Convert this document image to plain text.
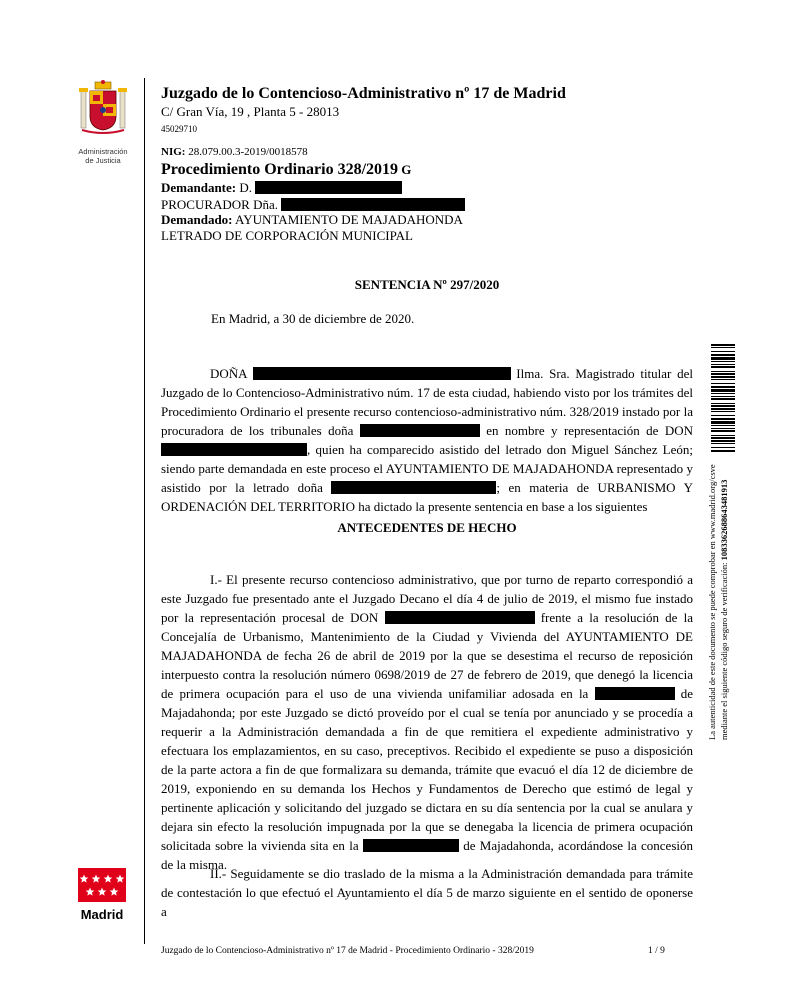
Administración
de Justicia
Juzgado de lo Contencioso-Administrativo nº 17 de Madrid
C/ Gran Vía, 19 , Planta 5 - 28013
45029710
NIG: 28.079.00.3-2019/0018578
Procedimiento Ordinario 328/2019 G
Demandante: D.
PROCURADOR Dña.
Demandado: AYUNTAMIENTO DE MAJADAHONDA
LETRADO DE CORPORACIÓN MUNICIPAL
SENTENCIA Nº 297/2020
En Madrid, a 30 de diciembre de 2020.

DOÑA	Ilma. Sra. Magistrado titular del Juzgado de lo Contencioso-Administrativo núm. 17 de esta ciudad, habiendo visto por los trámites del Procedimiento Ordinario el presente recurso contencioso-administrativo núm. 328/2019 instado por la procuradora de los tribunales doña	en nombre y representación de DON , quien ha comparecido asistido del letrado don Miguel Sánchez León; siendo parte demandada en este proceso el AYUNTAMIENTO DE MAJADAHONDA representado y asistido por la letrado doña	; en materia de URBANISMO Y ORDENACIÓN DEL TERRITORIO ha dictado la presente sentencia en base a los siguientes

ANTECEDENTES DE HECHO

I.- El presente recurso contencioso administrativo, que por turno de reparto correspondió a este Juzgado fue presentado ante el Juzgado Decano el día 4 de julio de 2019, el mismo fue instado por la representación procesal de DON	frente a la resolución de la Concejalía de Urbanismo, Mantenimiento de la Ciudad y Vivienda del AYUNTAMIENTO DE MAJADAHONDA de fecha 26 de abril de 2019 por la que se desestima el recurso de reposición interpuesto contra la resolución número 0698/2019 de 27 de febrero de 2019, que denegó la licencia de primera ocupación para el uso de una vivienda unifamiliar adosada en la	de Majadahonda; por este Juzgado se dictó proveído por el cual se tenía por anunciado y se procedía a requerir a la Administración demandada a fin de que remitiera el expediente administrativo y efectuara los emplazamientos, en su caso, preceptivos. Recibido el expediente se puso a disposición de la parte actora a fin de que formalizara su demanda, trámite que evacuó el día 12 de diciembre de 2019, exponiendo en su demanda los Hechos y Fundamentos de Derecho que estimó de legal y pertinente aplicación y solicitando del juzgado se dictara en su día sentencia por la cual se anulara y dejara sin efecto la resolución impugnada por la que se denegaba la licencia de primera ocupación solicitada sobre la vivienda sita en la	de Majadahonda, acordándose la concesión de la misma.

II.- Seguidamente se dio traslado de la misma a la Administración demandada para trámite de contestación lo que efectuó el Ayuntamiento el día 5 de marzo siguiente en el sentido de oponerse a

La autenticidad de este documento se puede comprobar en www.madrid.org/csve mediante el siguiente código seguro de verificación: 1083362688643481913
Madrid
Juzgado de lo Contencioso-Administrativo nº 17 de Madrid - Procedimiento Ordinario - 328/2019	1 / 9
